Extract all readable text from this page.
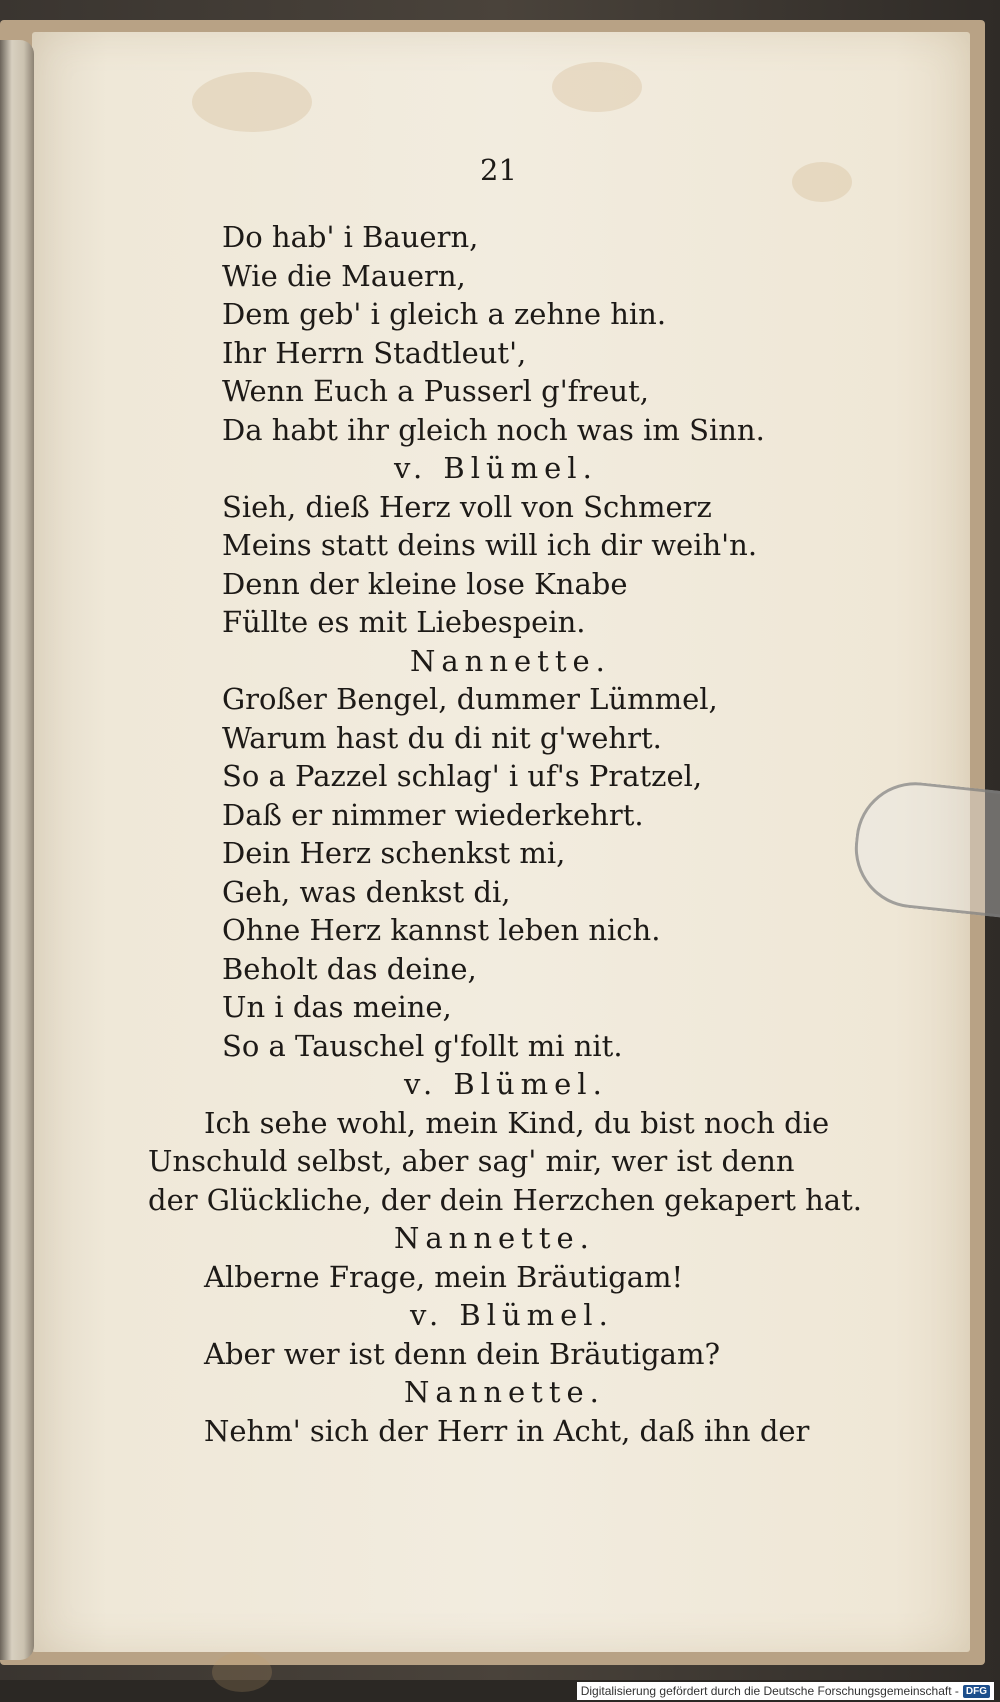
21
Do hab' i Bauern,
Wie die Mauern,
Dem geb' i gleich a zehne hin.
Ihr Herrn Stadtleut',
Wenn Euch a Pusserl g'freut,
Da habt ihr gleich noch was im Sinn.
v. Blümel.
Sieh, dieß Herz voll von Schmerz
Meins statt deins will ich dir weih'n.
Denn der kleine lose Knabe
Füllte es mit Liebespein.
Nannette.
Großer Bengel, dummer Lümmel,
Warum hast du di nit g'wehrt.
So a Pazzel schlag' i uf's Pratzel,
Daß er nimmer wiederkehrt.
Dein Herz schenkst mi,
Geh, was denkst di,
Ohne Herz kannst leben nich.
Beholt das deine,
Un i das meine,
So a Tauschel g'follt mi nit.
v. Blümel.
Ich sehe wohl, mein Kind, du bist noch die
Unschuld selbst, aber sag' mir, wer ist denn
der Glückliche, der dein Herzchen gekapert hat.
Nannette.
Alberne Frage, mein Bräutigam!
v. Blümel.
Aber wer ist denn dein Bräutigam?
Nannette.
Nehm' sich der Herr in Acht, daß ihn der
Digitalisierung gefördert durch die Deutsche Forschungsgemeinschaft - DFG
